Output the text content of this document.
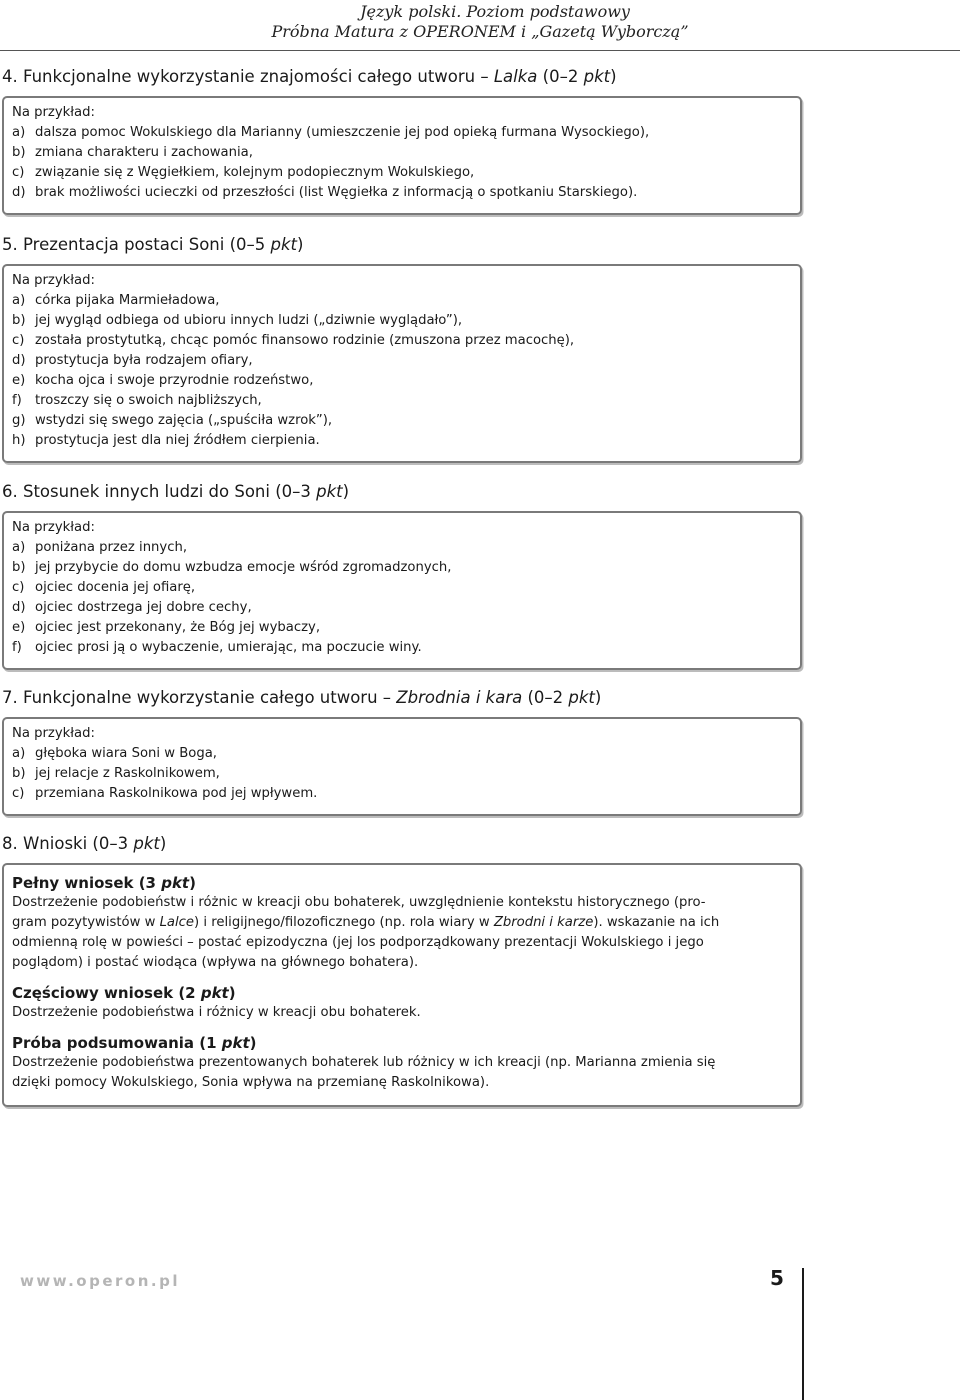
Język polski. Poziom podstawowy
Próbna Matura z OPERONEM i „Gazetą Wyborczą”
4. Funkcjonalne wykorzystanie znajomości całego utworu – Lalka (0–2 pkt)
Na przykład:
a) dalsza pomoc Wokulskiego dla Marianny (umieszczenie jej pod opieką furmana Wysockiego),
b) zmiana charakteru i zachowania,
c) związanie się z Węgiełkiem, kolejnym podopiecznym Wokulskiego,
d) brak możliwości ucieczki od przeszłości (list Węgiełka z informacją o spotkaniu Starskiego).
5. Prezentacja postaci Soni (0–5 pkt)
Na przykład:
a) córka pijaka Marmieładowa,
b) jej wygląd odbiega od ubioru innych ludzi („dziwnie wyglądało”),
c) została prostytutką, chcąc pomóc finansowo rodzinie (zmuszona przez macochę),
d) prostytucja była rodzajem ofiary,
e) kocha ojca i swoje przyrodnie rodzeństwo,
f) troszczy się o swoich najbliższych,
g) wstydzi się swego zajęcia („spuściła wzrok”),
h) prostytucja jest dla niej źródłem cierpienia.
6. Stosunek innych ludzi do Soni (0–3 pkt)
Na przykład:
a) poniżana przez innych,
b) jej przybycie do domu wzbudza emocje wśród zgromadzonych,
c) ojciec docenia jej ofiarę,
d) ojciec dostrzega jej dobre cechy,
e) ojciec jest przekonany, że Bóg jej wybaczy,
f) ojciec prosi ją o wybaczenie, umierając, ma poczucie winy.
7. Funkcjonalne wykorzystanie całego utworu – Zbrodnia i kara (0–2 pkt)
Na przykład:
a) głęboka wiara Soni w Boga,
b) jej relacje z Raskolnikowem,
c) przemiana Raskolnikowa pod jej wpływem.
8. Wnioski (0–3 pkt)
Pełny wniosek (3 pkt)
Dostrzeżenie podobieństw i różnic w kreacji obu bohaterek, uwzględnienie kontekstu historycznego (pro-
gram pozytywistów w Lalce) i religijnego/filozoficznego (np. rola wiary w Zbrodni i karze). wskazanie na ich
odmienną rolę w powieści – postać epizodyczna (jej los podporządkowany prezentacji Wokulskiego i jego
poglądom) i postać wiodąca (wpływa na głównego bohatera).
Częściowy wniosek (2 pkt)
Dostrzeżenie podobieństwa i różnicy w kreacji obu bohaterek.
Próba podsumowania (1 pkt)
Dostrzeżenie podobieństwa prezentowanych bohaterek lub różnicy w ich kreacji (np. Marianna zmienia się
dzięki pomocy Wokulskiego, Sonia wpływa na przemianę Raskolnikowa).
www.operon.pl	5
